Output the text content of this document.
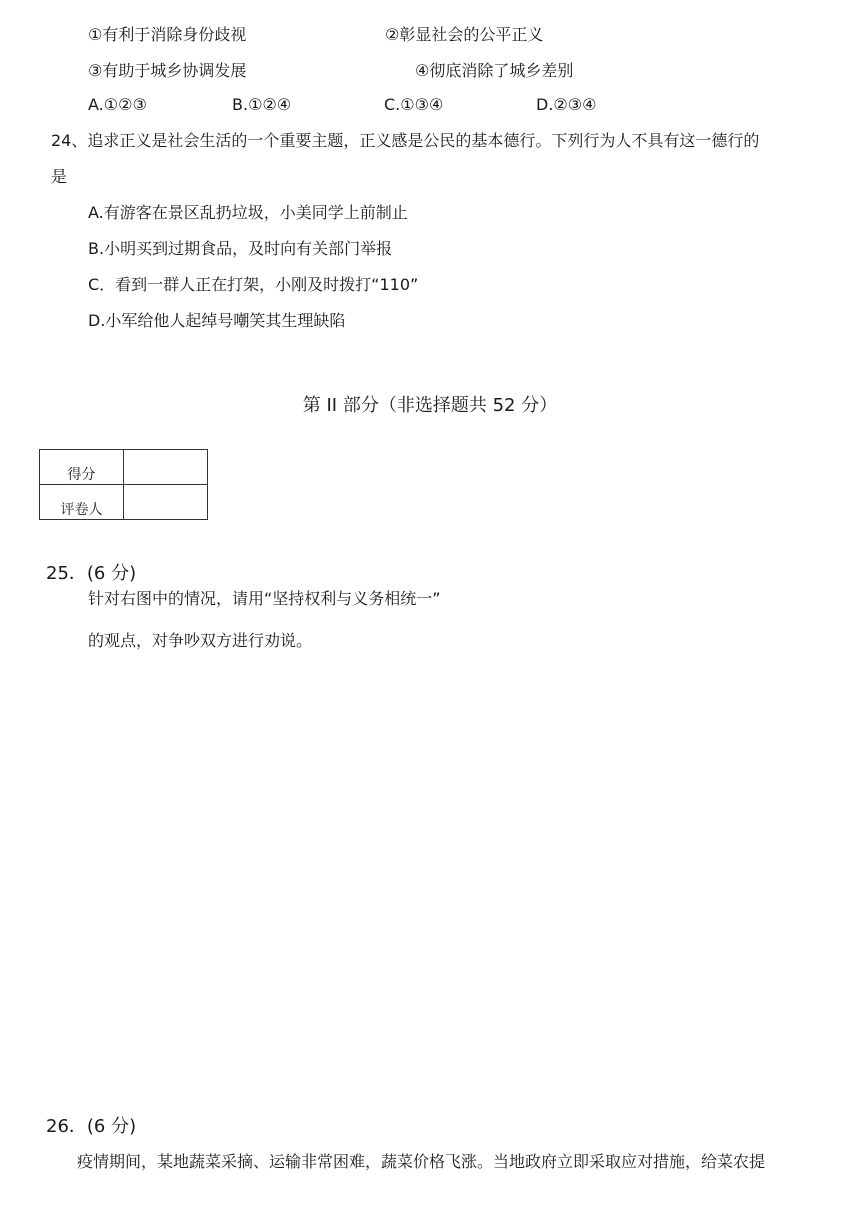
①有利于消除身份歧视	②彰显社会的公平正义
③有助于城乡协调发展	④彻底消除了城乡差别
A.①②③	B.①②④	C.①③④	D.②③④
24、追求正义是社会生活的一个重要主题，正义感是公民的基本德行。下列行为人不具有这一德行的
是
A.有游客在景区乱扔垃圾，小美同学上前制止
B.小明买到过期食品，及时向有关部门举报
C．看到一群人正在打架，小刚及时拨打“110”
D.小军给他人起绰号嘲笑其生理缺陷
第 II 部分（非选择题共 52 分）
得分	
评卷人	
25．(6 分)
针对右图中的情况，请用“坚持权利与义务相统一”
的观点，对争吵双方进行劝说。
26．(6 分)
疫情期间，某地蔬菜采摘、运输非常困难，蔬菜价格飞涨。当地政府立即采取应对措施，给菜农提
